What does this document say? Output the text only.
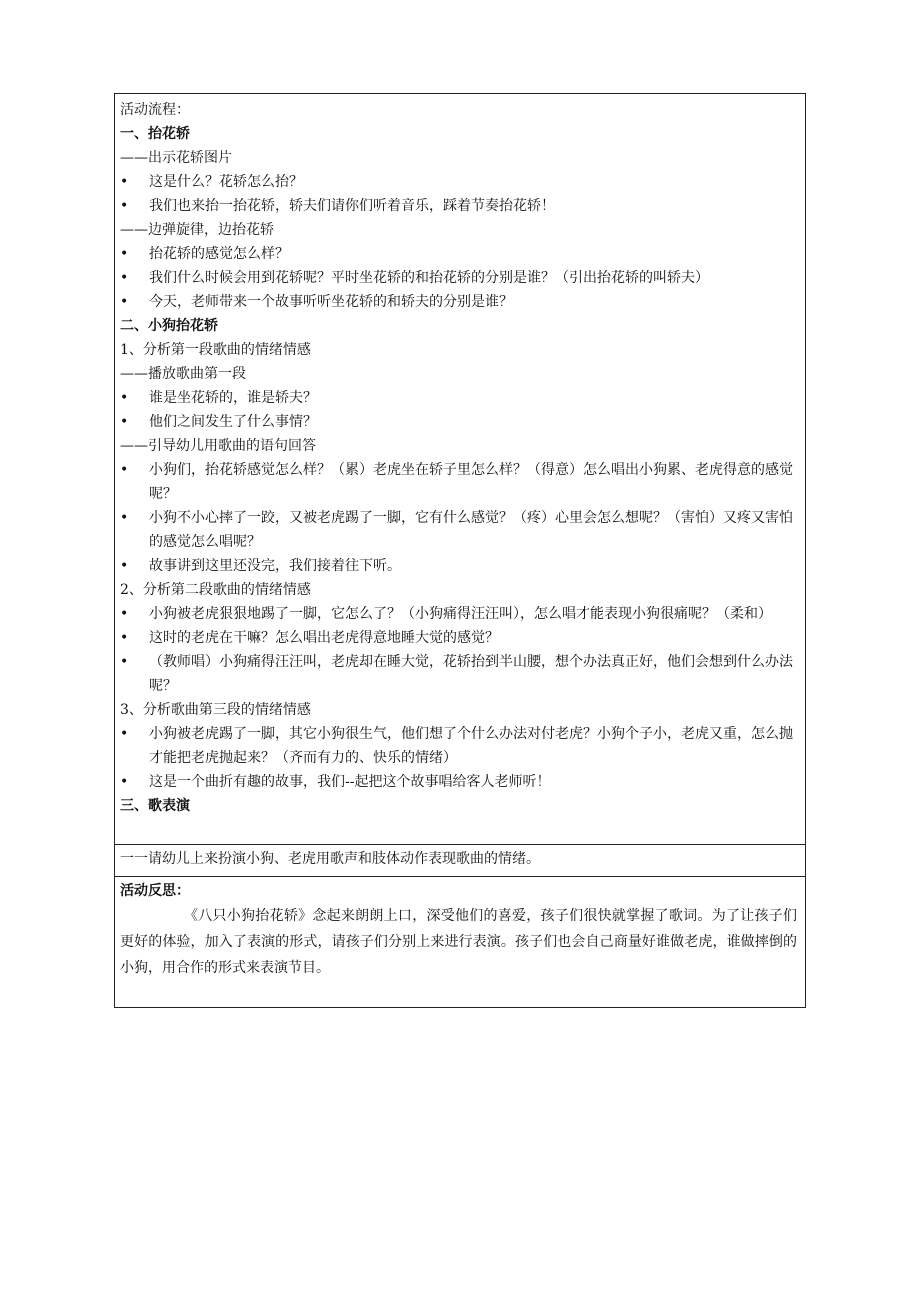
活动流程：
一、抬花轿
——出示花轿图片
•	这是什么？花轿怎么抬？
•	我们也来抬一抬花轿，轿夫们请你们听着音乐，踩着节奏抬花轿！
——边弹旋律，边抬花轿
•	抬花轿的感觉怎么样？
•	我们什么时候会用到花轿呢？平时坐花轿的和抬花轿的分别是谁？（引出抬花轿的叫轿夫）
•	今天，老师带来一个故事听听坐花轿的和轿夫的分别是谁？
二、小狗抬花轿
1、分析第一段歌曲的情绪情感
——播放歌曲第一段
•	谁是坐花轿的，谁是轿夫？
•	他们之间发生了什么事情？
——引导幼儿用歌曲的语句回答
•	小狗们，抬花轿感觉怎么样？（累）老虎坐在轿子里怎么样？（得意）怎么唱出小狗累、老虎得意的感觉呢？
•	小狗不小心摔了一跤，又被老虎踢了一脚，它有什么感觉？（疼）心里会怎么想呢？（害怕）又疼又害怕的感觉怎么唱呢？
•	故事讲到这里还没完，我们接着往下听。
2、分析第二段歌曲的情绪情感
•	小狗被老虎狠狠地踢了一脚，它怎么了？（小狗痛得汪汪叫），怎么唱才能表现小狗很痛呢？（柔和）
•	这时的老虎在干嘛？怎么唱出老虎得意地睡大觉的感觉？
•	（教师唱）小狗痛得汪汪叫，老虎却在睡大觉，花轿抬到半山腰，想个办法真正好，他们会想到什么办法呢？
3、分析歌曲第三段的情绪情感
•	小狗被老虎踢了一脚，其它小狗很生气，他们想了个什么办法对付老虎？小狗个子小，老虎又重，怎么抛才能把老虎抛起来？（齐而有力的、快乐的情绪）
•	这是一个曲折有趣的故事，我们--起把这个故事唱给客人老师听！
三、歌表演
一一请幼儿上来扮演小狗、老虎用歌声和肢体动作表现歌曲的情绪。
活动反思：
《八只小狗抬花轿》念起来朗朗上口，深受他们的喜爱，孩子们很快就掌握了歌词。为了让孩子们更好的体验，加入了表演的形式，请孩子们分别上来进行表演。孩子们也会自己商量好谁做老虎，谁做摔倒的小狗，用合作的形式来表演节目。
